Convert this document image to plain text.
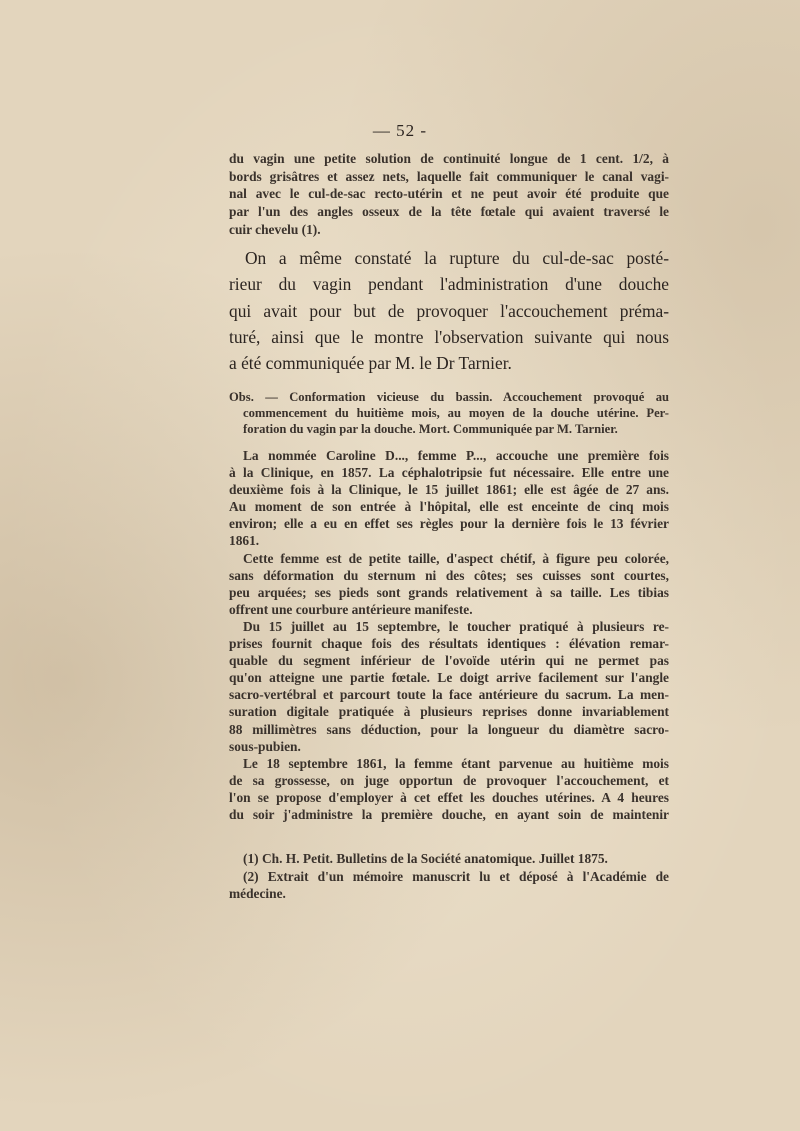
— 52 -
du vagin une petite solution de continuité longue de 1 cent. 1/2, à
bords grisâtres et assez nets, laquelle fait communiquer le canal vagi-
nal avec le cul-de-sac recto-utérin et ne peut avoir été produite que
par l'un des angles osseux de la tête fœtale qui avaient traversé le
cuir chevelu (1).
On a même constaté la rupture du cul-de-sac posté-
rieur du vagin pendant l'administration d'une douche
qui avait pour but de provoquer l'accouchement préma-
turé, ainsi que le montre l'observation suivante qui nous
a été communiquée par M. le Dr Tarnier.
Obs. — Conformation vicieuse du bassin. Accouchement provoqué au
commencement du huitième mois, au moyen de la douche utérine. Per-
foration du vagin par la douche. Mort. Communiquée par M. Tarnier.
La nommée Caroline D..., femme P..., accouche une première fois
à la Clinique, en 1857. La céphalotripsie fut nécessaire. Elle entre une
deuxième fois à la Clinique, le 15 juillet 1861; elle est âgée de 27 ans.
Au moment de son entrée à l'hôpital, elle est enceinte de cinq mois
environ; elle a eu en effet ses règles pour la dernière fois le 13 février
1861.
Cette femme est de petite taille, d'aspect chétif, à figure peu colorée,
sans déformation du sternum ni des côtes; ses cuisses sont courtes,
peu arquées; ses pieds sont grands relativement à sa taille. Les tibias
offrent une courbure antérieure manifeste.
Du 15 juillet au 15 septembre, le toucher pratiqué à plusieurs re-
prises fournit chaque fois des résultats identiques : élévation remar-
quable du segment inférieur de l'ovoïde utérin qui ne permet pas
qu'on atteigne une partie fœtale. Le doigt arrive facilement sur l'angle
sacro-vertébral et parcourt toute la face antérieure du sacrum. La men-
suration digitale pratiquée à plusieurs reprises donne invariablement
88 millimètres sans déduction, pour la longueur du diamètre sacro-
sous-pubien.
Le 18 septembre 1861, la femme étant parvenue au huitième mois
de sa grossesse, on juge opportun de provoquer l'accouchement, et
l'on se propose d'employer à cet effet les douches utérines. A 4 heures
du soir j'administre la première douche, en ayant soin de maintenir
(1) Ch. H. Petit. Bulletins de la Société anatomique. Juillet 1875.
(2) Extrait d'un mémoire manuscrit lu et déposé à l'Académie de
médecine.
